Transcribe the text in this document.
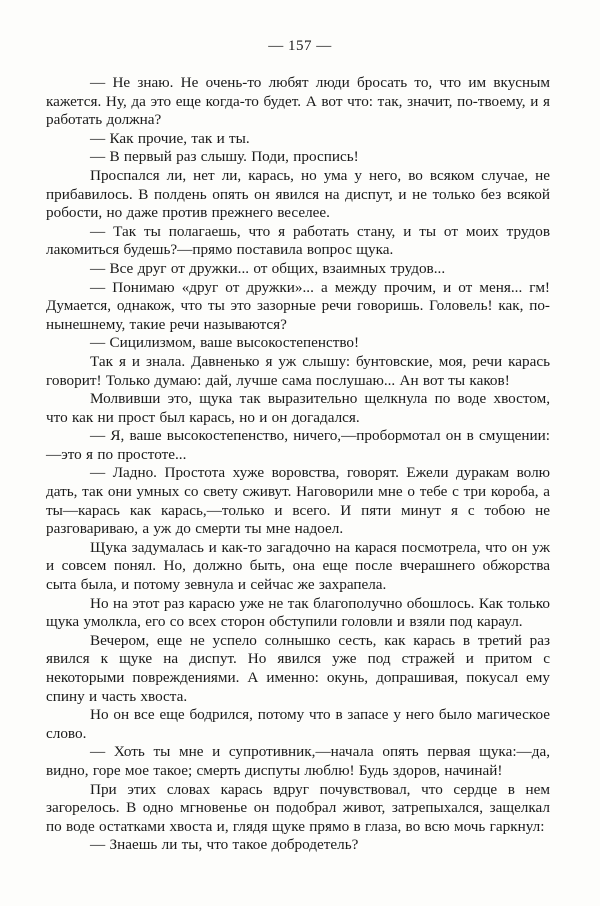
— 157 —

— Не знаю. Не очень-то любят люди бросать то, что им вкусным кажется. Ну, да это еще когда-то будет. А вот что: так, значит, по-твоему, и я работать должна?

— Как прочие, так и ты.

— В первый раз слышу. Поди, проспись!

Проспался ли, нет ли, карась, но ума у него, во всяком случае, не прибавилось. В полдень опять он явился на диспут, и не только без всякой робости, но даже против прежнего веселее.

— Так ты полагаешь, что я работать стану, и ты от моих трудов лакомиться будешь?—прямо поставила вопрос щука.

— Все друг от дружки... от общих, взаимных трудов...

— Понимаю «друг от дружки»... а между прочим, и от меня... гм! Думается, однакож, что ты это зазорные речи говоришь. Головель! как, по-нынешнему, такие речи называются?

— Сицилизмом, ваше высокостепенство!

Так я и знала. Давненько я уж слышу: бунтовские, моя, речи карась говорит! Только думаю: дай, лучше сама послушаю... Ан вот ты каков!

Молвивши это, щука так выразительно щелкнула по воде хвостом, что как ни прост был карась, но и он догадался.

— Я, ваше высокостепенство, ничего,—пробормотал он в смущении:—это я по простоте...

— Ладно. Простота хуже воровства, говорят. Ежели дуракам волю дать, так они умных со свету сживут. Наговорили мне о тебе с три короба, а ты—карась как карась,—только и всего. И пяти минут я с тобою не разговариваю, а уж до смерти ты мне надоел.

Щука задумалась и как-то загадочно на карася посмотрела, что он уж и совсем понял. Но, должно быть, она еще после вчерашнего обжорства сыта была, и потому зевнула и сейчас же захрапела.

Но на этот раз карасю уже не так благополучно обошлось. Как только щука умолкла, его со всех сторон обступили головли и взяли под караул.

Вечером, еще не успело солнышко сесть, как карась в третий раз явился к щуке на диспут. Но явился уже под стражей и притом с некоторыми повреждениями. А именно: окунь, допрашивая, покусал ему спину и часть хвоста.

Но он все еще бодрился, потому что в запасе у него было магическое слово.

— Хоть ты мне и супротивник,—начала опять первая щука:—да, видно, горе мое такое; смерть диспуты люблю! Будь здоров, начинай!

При этих словах карась вдруг почувствовал, что сердце в нем загорелось. В одно мгновенье он подобрал живот, затрепыхался, защелкал по воде остатками хвоста и, глядя щуке прямо в глаза, во всю мочь гаркнул:

— Знаешь ли ты, что такое добродетель?
